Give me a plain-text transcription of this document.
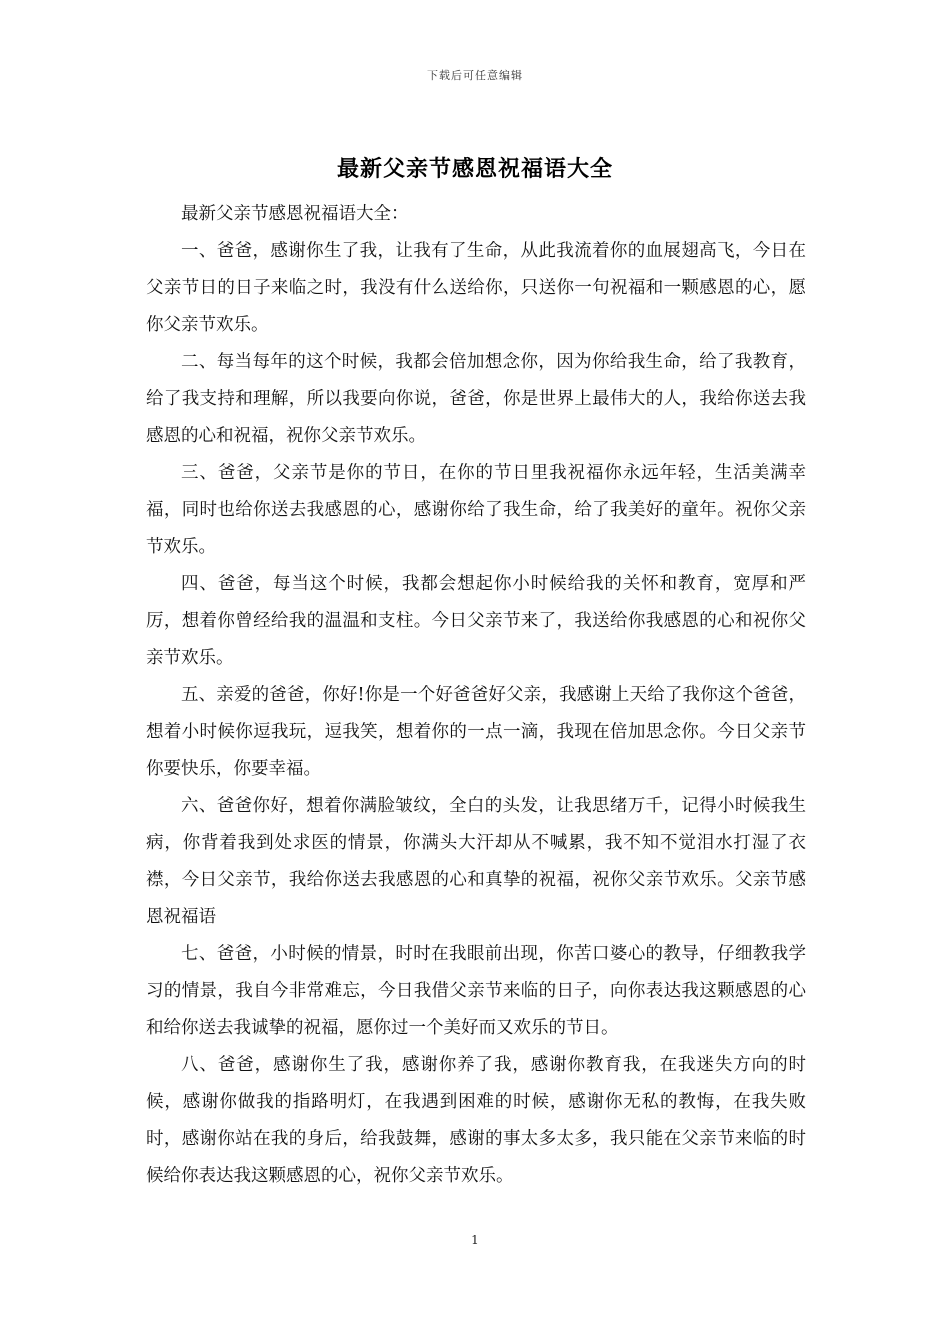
下载后可任意编辑
最新父亲节感恩祝福语大全

最新父亲节感恩祝福语大全：

一、爸爸，感谢你生了我，让我有了生命，从此我流着你的血展翅高飞，今日在父亲节日的日子来临之时，我没有什么送给你，只送你一句祝福和一颗感恩的心，愿你父亲节欢乐。

二、每当每年的这个时候，我都会倍加想念你，因为你给我生命，给了我教育，给了我支持和理解，所以我要向你说，爸爸，你是世界上最伟大的人，我给你送去我感恩的心和祝福，祝你父亲节欢乐。

三、爸爸，父亲节是你的节日，在你的节日里我祝福你永远年轻，生活美满幸福，同时也给你送去我感恩的心，感谢你给了我生命，给了我美好的童年。祝你父亲节欢乐。

四、爸爸，每当这个时候，我都会想起你小时候给我的关怀和教育，宽厚和严厉，想着你曾经给我的温温和支柱。今日父亲节来了，我送给你我感恩的心和祝你父亲节欢乐。

五、亲爱的爸爸，你好!你是一个好爸爸好父亲，我感谢上天给了我你这个爸爸，想着小时候你逗我玩，逗我笑，想着你的一点一滴，我现在倍加思念你。今日父亲节你要快乐，你要幸福。

六、爸爸你好，想着你满脸皱纹，全白的头发，让我思绪万千，记得小时候我生病，你背着我到处求医的情景，你满头大汗却从不喊累，我不知不觉泪水打湿了衣襟，今日父亲节，我给你送去我感恩的心和真挚的祝福，祝你父亲节欢乐。父亲节感恩祝福语

七、爸爸，小时候的情景，时时在我眼前出现，你苦口婆心的教导，仔细教我学习的情景，我自今非常难忘，今日我借父亲节来临的日子，向你表达我这颗感恩的心和给你送去我诚挚的祝福，愿你过一个美好而又欢乐的节日。

八、爸爸，感谢你生了我，感谢你养了我，感谢你教育我，在我迷失方向的时候，感谢你做我的指路明灯，在我遇到困难的时候，感谢你无私的教悔，在我失败时，感谢你站在我的身后，给我鼓舞，感谢的事太多太多，我只能在父亲节来临的时候给你表达我这颗感恩的心，祝你父亲节欢乐。

1
